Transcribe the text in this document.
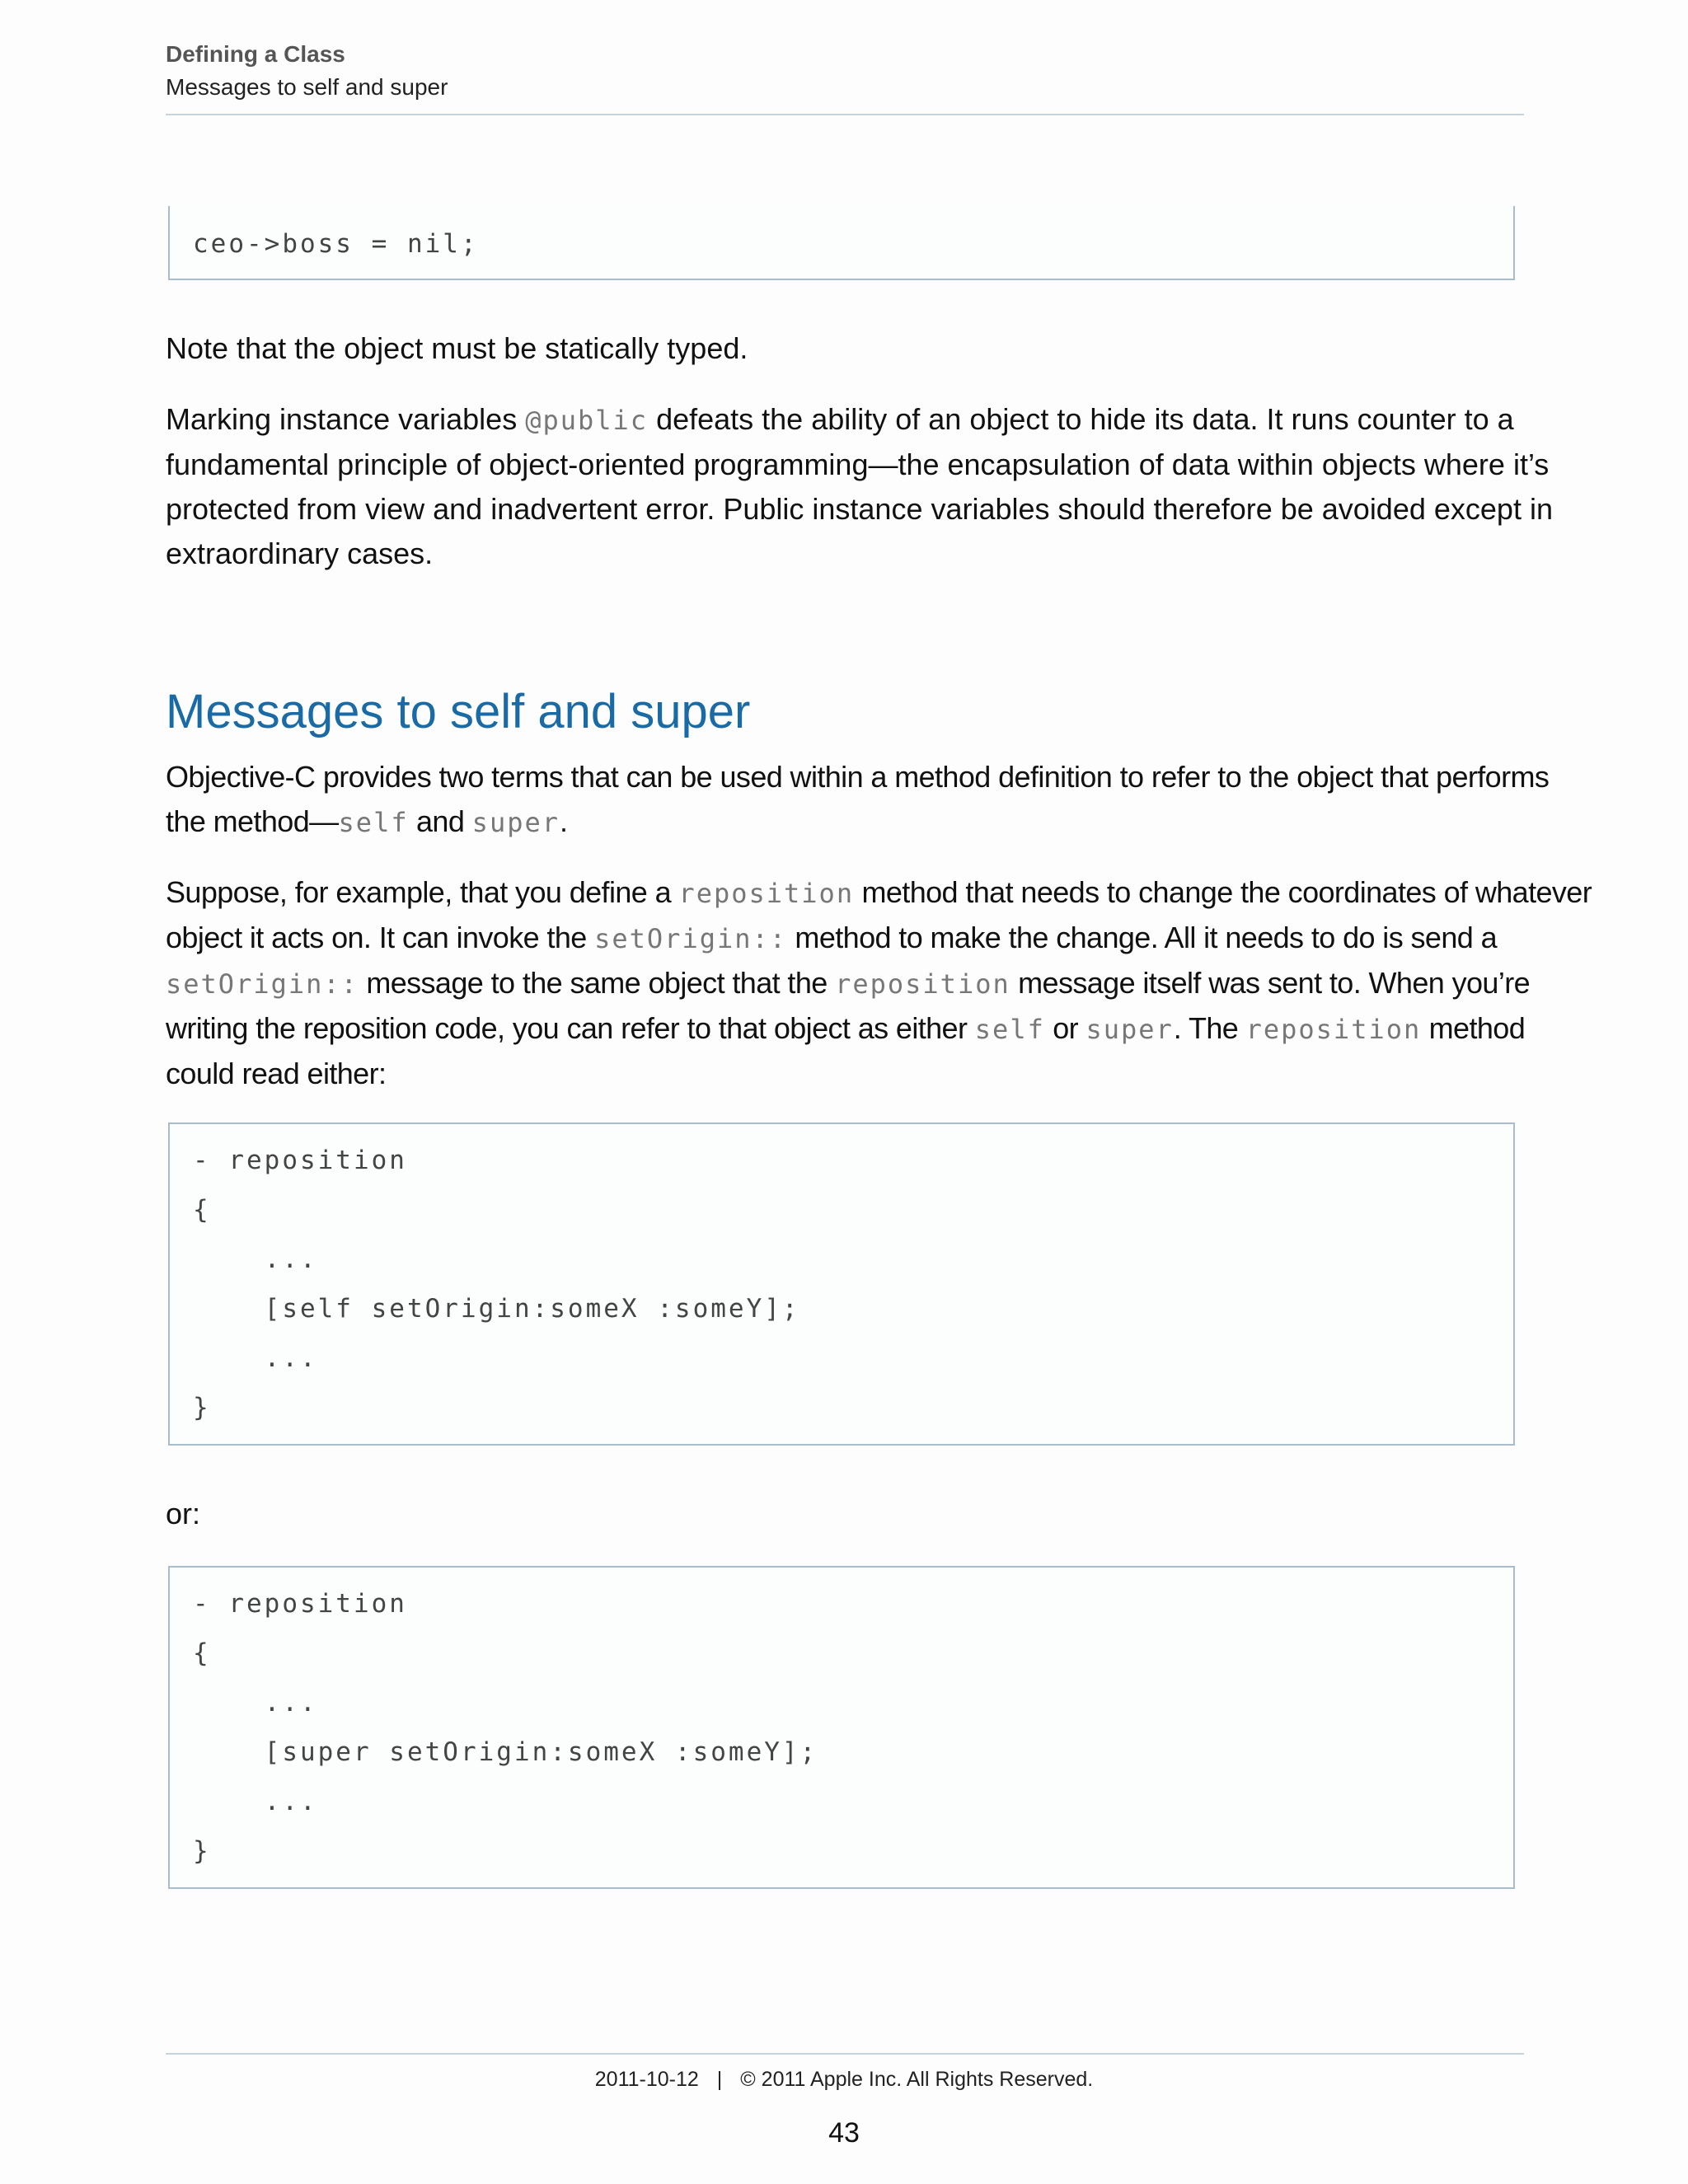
Defining a Class
Messages to self and super
ceo->boss = nil;
Note that the object must be statically typed.
Marking instance variables @public defeats the ability of an object to hide its data. It runs counter to a
fundamental principle of object-oriented programming—the encapsulation of data within objects where it’s
protected from view and inadvertent error. Public instance variables should therefore be avoided except in
extraordinary cases.
Messages to self and super
Objective-C provides two terms that can be used within a method definition to refer to the object that performs
the method—self and super.
Suppose, for example, that you define a reposition method that needs to change the coordinates of whatever
object it acts on. It can invoke the setOrigin:: method to make the change. All it needs to do is send a
setOrigin:: message to the same object that the reposition message itself was sent to. When you’re
writing the reposition code, you can refer to that object as either self or super. The reposition method
could read either:
- reposition
{
...
[self setOrigin:someX :someY];
...
}
or:
- reposition
{
...
[super setOrigin:someX :someY];
...
}
2011-10-12 | © 2011 Apple Inc. All Rights Reserved.
43
